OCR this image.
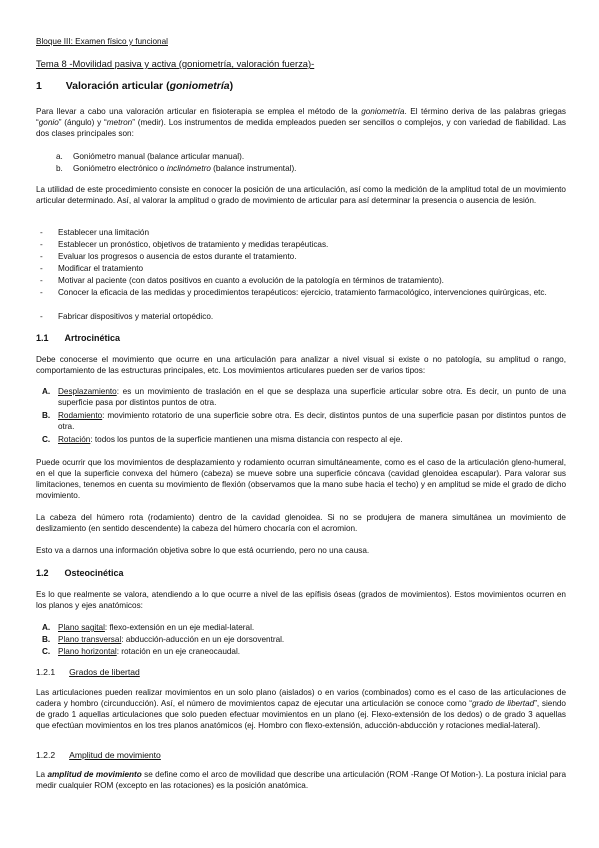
Bloque III: Examen físico y funcional
Tema 8 -Movilidad pasiva y activa (goniometría, valoración fuerza)-
1 Valoración articular (goniometría)
Para llevar a cabo una valoración articular en fisioterapia se emplea el método de la goniometría. El término deriva de las palabras griegas “gonio” (ángulo) y “metron” (medir). Los instrumentos de medida empleados pueden ser sencillos o complejos, y con variedad de fiabilidad. Las dos clases principales son:
a. Goniómetro manual (balance articular manual).
b. Goniómetro electrónico o inclinómetro (balance instrumental).
La utilidad de este procedimiento consiste en conocer la posición de una articulación, así como la medición de la amplitud total de un movimiento articular determinado. Así, al valorar la amplitud o grado de movimiento de articular para así determinar la presencia o ausencia de lesión.
- Establecer una limitación
- Establecer un pronóstico, objetivos de tratamiento y medidas terapéuticas.
- Evaluar los progresos o ausencia de estos durante el tratamiento.
- Modificar el tratamiento
- Motivar al paciente (con datos positivos en cuanto a evolución de la patología en términos de tratamiento).
- Conocer la eficacia de las medidas y procedimientos terapéuticos: ejercicio, tratamiento farmacológico, intervenciones quirúrgicas, etc.
- Fabricar dispositivos y material ortopédico.
1.1 Artrocinética
Debe conocerse el movimiento que ocurre en una articulación para analizar a nivel visual si existe o no patología, su amplitud o rango, comportamiento de las estructuras principales, etc. Los movimientos articulares pueden ser de varios tipos:
A. Desplazamiento: es un movimiento de traslación en el que se desplaza una superficie articular sobre otra. Es decir, un punto de una superficie pasa por distintos puntos de otra.
B. Rodamiento: movimiento rotatorio de una superficie sobre otra. Es decir, distintos puntos de una superficie pasan por distintos puntos de otra.
C. Rotación: todos los puntos de la superficie mantienen una misma distancia con respecto al eje.
Puede ocurrir que los movimientos de desplazamiento y rodamiento ocurran simultáneamente, como es el caso de la articulación gleno-humeral, en el que la superficie convexa del húmero (cabeza) se mueve sobre una superficie cóncava (cavidad glenoidea escapular). Para valorar sus limitaciones, tenemos en cuenta su movimiento de flexión (observamos que la mano sube hacia el techo) y en amplitud se mide el grado de dicho movimiento.
La cabeza del húmero rota (rodamiento) dentro de la cavidad glenoidea. Si no se produjera de manera simultánea un movimiento de deslizamiento (en sentido descendente) la cabeza del húmero chocaría con el acromion.
Esto va a darnos una información objetiva sobre lo que está ocurriendo, pero no una causa.
1.2 Osteocinética
Es lo que realmente se valora, atendiendo a lo que ocurre a nivel de las epífisis óseas (grados de movimientos). Estos movimientos ocurren en los planos y ejes anatómicos:
A. Plano sagital: flexo-extensión en un eje medial-lateral.
B. Plano transversal: abducción-aducción en un eje dorsoventral.
C. Plano horizontal: rotación en un eje craneocaudal.
1.2.1 Grados de libertad
Las articulaciones pueden realizar movimientos en un solo plano (aislados) o en varios (combinados) como es el caso de las articulaciones de cadera y hombro (circunducción). Así, el número de movimientos capaz de ejecutar una articulación se conoce como “grado de libertad”, siendo de grado 1 aquellas articulaciones que solo pueden efectuar movimientos en un plano (ej. Flexo-extensión de los dedos) o de grado 3 aquellas que efectúan movimientos en los tres planos anatómicos (ej. Hombro con flexo-extensión, aducción-abducción y rotaciones medial-lateral).
1.2.2 Amplitud de movimiento
La amplitud de movimiento se define como el arco de movilidad que describe una articulación (ROM -Range Of Motion-). La postura inicial para medir cualquier ROM (excepto en las rotaciones) es la posición anatómica.
